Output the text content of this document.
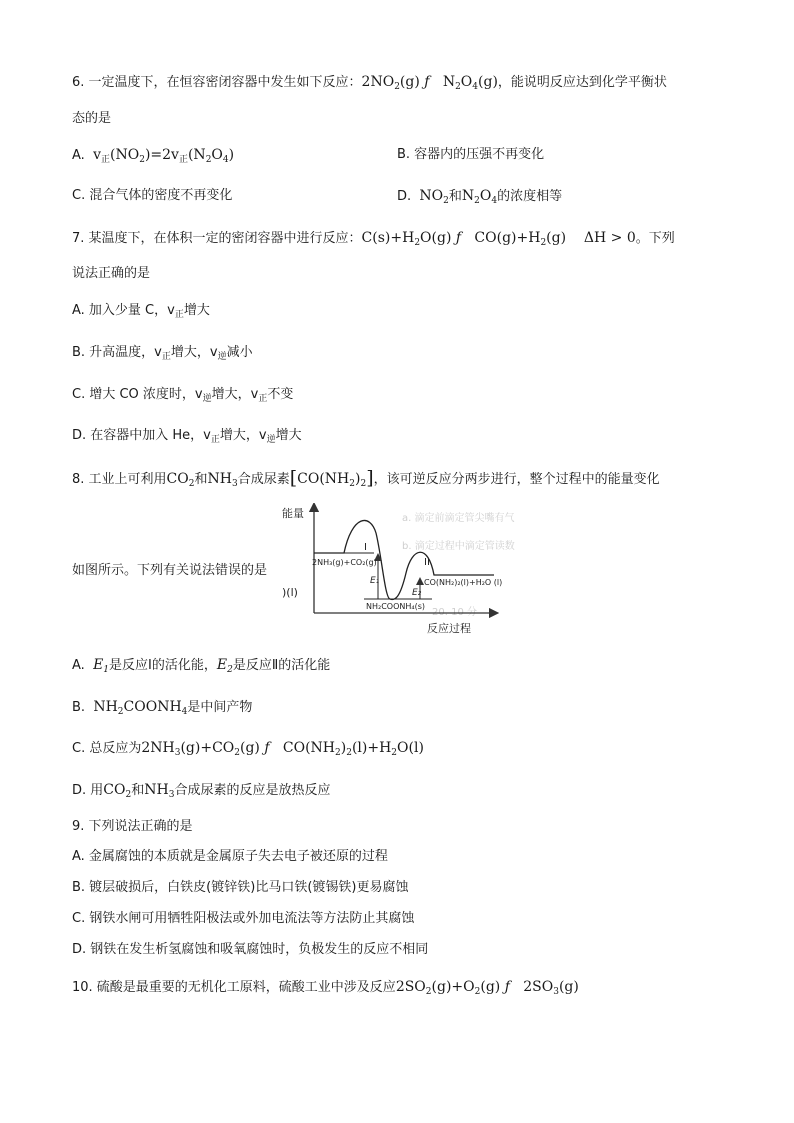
6. 一定温度下，在恒容密闭容器中发生如下反应：$2NO_2(g)$ ƒ $N_2O_4(g)$，能说明反应达到化学平衡状
态的是
A. $v_正(NO_2)=2v_正(N_2O_4)$	B. 容器内的压强不再变化
C. 混合气体的密度不再变化	D. $NO_2$和$N_2O_4$的浓度相等
7. 某温度下，在体积一定的密闭容器中进行反应：$C(s)+H_2O(g)$ ƒ $CO(g)+H_2(g) \Delta H > 0$。下列
说法正确的是
A. 加入少量 C，$v_正$增大
B. 升高温度，$v_正$增大，$v_逆$减小
C. 增大 CO 浓度时，$v_逆$增大，$v_正$不变
D. 在容器中加入 He，$v_正$增大，$v_逆$增大
8. 工业上可利用$CO_2$和$NH_3$合成尿素$[CO(NH_2)_2]$，该可逆反应分两步进行，整个过程中的能量变化
如图所示。下列有关说法错误的是
a. 滴定前滴定管尖嘴有气
b. 滴定过程中滴定管读数
20. 10 分
能量
反应过程
)(l)
2NH₃(g)+CO₂(g)
NH₂COONH₄(s)
CO(NH₂)₂(l)+H₂O (l)
I
II
E₁
E₂
A. $E_1$是反应Ⅰ的活化能，$E_2$是反应Ⅱ的活化能
B. $NH_2COONH_4$是中间产物
C. 总反应为$2NH_3(g)+CO_2(g)$ ƒ $CO(NH_2)_2(l)+H_2O(l)$
D. 用$CO_2$和$NH_3$合成尿素的反应是放热反应
9. 下列说法正确的是
A. 金属腐蚀的本质就是金属原子失去电子被还原的过程
B. 镀层破损后，白铁皮(镀锌铁)比马口铁(镀锡铁)更易腐蚀
C. 钢铁水闸可用牺牲阳极法或外加电流法等方法防止其腐蚀
D. 钢铁在发生析氢腐蚀和吸氧腐蚀时，负极发生的反应不相同
10. 硫酸是最重要的无机化工原料，硫酸工业中涉及反应$2SO_2(g)+O_2(g)$ ƒ $2SO_3(g)$
